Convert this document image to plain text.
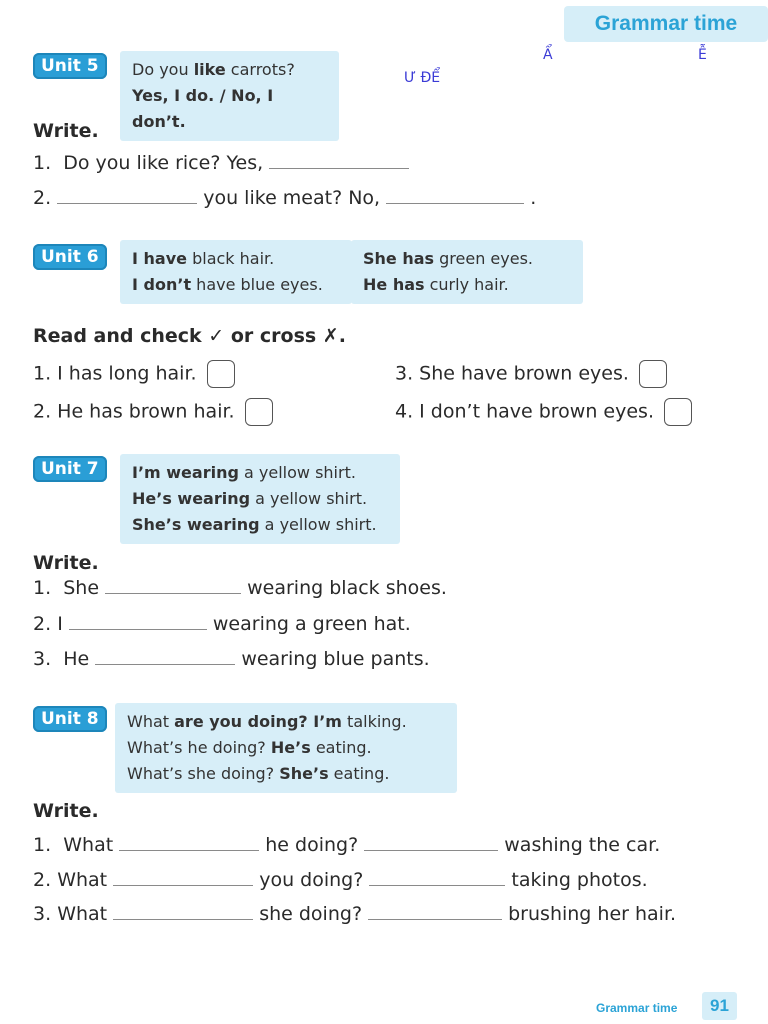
Grammar time
Ẩ	Ễ
Ư ĐỂ
Unit 5	Do you like carrots?
Yes, I do. / No, I don’t.
Write.
1. Do you like rice? Yes,
2.	you like meat? No,	.
Unit 6	I have black hair.
I don’t have blue eyes.
She has green eyes.
He has curly hair.
Read and check ✓ or cross ✗.
1. I has long hair.
2. He has brown hair.
3. She have brown eyes.
4. I don’t have brown eyes.
Unit 7	I’m wearing a yellow shirt.
He’s wearing a yellow shirt.
She’s wearing a yellow shirt.
Write.
1. She	wearing black shoes.
2. I	wearing a green hat.
3. He	wearing blue pants.
Unit 8	What are you doing? I’m talking.
What’s he doing? He’s eating.
What’s she doing? She’s eating.
Write.
1. What	he doing?	washing the car.
2. What	you doing?	taking photos.
3. What	she doing?	brushing her hair.
Grammar time	91
